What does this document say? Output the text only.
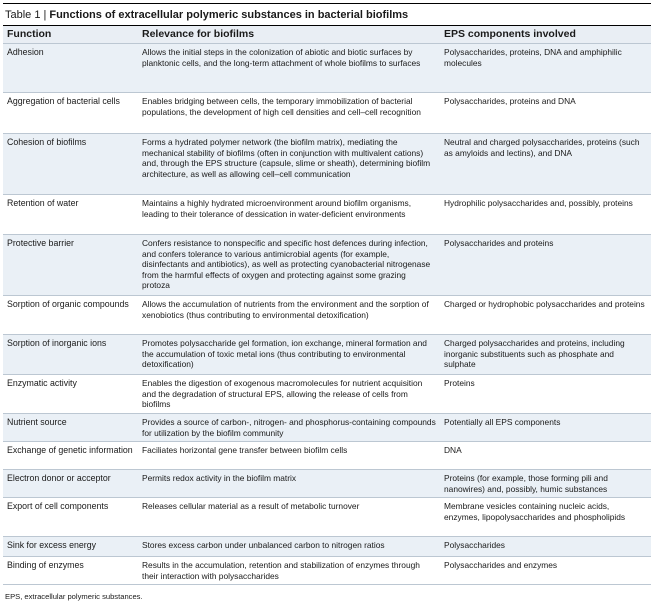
Table 1 | Functions of extracellular polymeric substances in bacterial biofilms
Function	Relevance for biofilms	EPS components involved
Adhesion	Allows the initial steps in the colonization of abiotic and biotic surfaces by planktonic cells, and the long-term attachment of whole biofilms to surfaces	Polysaccharides, proteins, DNA and amphiphilic molecules
Aggregation of bacterial cells	Enables bridging between cells, the temporary immobilization of bacterial populations, the development of high cell densities and cell–cell recognition	Polysaccharides, proteins and DNA
Cohesion of biofilms	Forms a hydrated polymer network (the biofilm matrix), mediating the mechanical stability of biofilms (often in conjunction with multivalent cations) and, through the EPS structure (capsule, slime or sheath), determining biofilm architecture, as well as allowing cell–cell communication	Neutral and charged polysaccharides, proteins (such as amyloids and lectins), and DNA
Retention of water	Maintains a highly hydrated microenvironment around biofilm organisms, leading to their tolerance of dessication in water-deficient environments	Hydrophilic polysaccharides and, possibly, proteins
Protective barrier	Confers resistance to nonspecific and specific host defences during infection, and confers tolerance to various antimicrobial agents (for example, disinfectants and antibiotics), as well as protecting cyanobacterial nitrogenase from the harmful effects of oxygen and protecting against some grazing protoza	Polysaccharides and proteins
Sorption of organic compounds	Allows the accumulation of nutrients from the environment and the sorption of xenobiotics (thus contributing to environmental detoxification)	Charged or hydrophobic polysaccharides and proteins
Sorption of inorganic ions	Promotes polysaccharide gel formation, ion exchange, mineral formation and the accumulation of toxic metal ions (thus contributing to environmental detoxification)	Charged polysaccharides and proteins, including inorganic substituents such as phosphate and sulphate
Enzymatic activity	Enables the digestion of exogenous macromolecules for nutrient acquisition and the degradation of structural EPS, allowing the release of cells from biofilms	Proteins
Nutrient source	Provides a source of carbon-, nitrogen- and phosphorus-containing compounds for utilization by the biofilm community	Potentially all EPS components
Exchange of genetic information	Faciliates horizontal gene transfer between biofilm cells	DNA
Electron donor or acceptor	Permits redox activity in the biofilm matrix	Proteins (for example, those forming pili and nanowires) and, possibly, humic substances
Export of cell components	Releases cellular material as a result of metabolic turnover	Membrane vesicles containing nucleic acids, enzymes, lipopolysaccharides and phospholipids
Sink for excess energy	Stores excess carbon under unbalanced carbon to nitrogen ratios	Polysaccharides
Binding of enzymes	Results in the accumulation, retention and stabilization of enzymes through their interaction with polysaccharides	Polysaccharides and enzymes
EPS, extracellular polymeric substances.
